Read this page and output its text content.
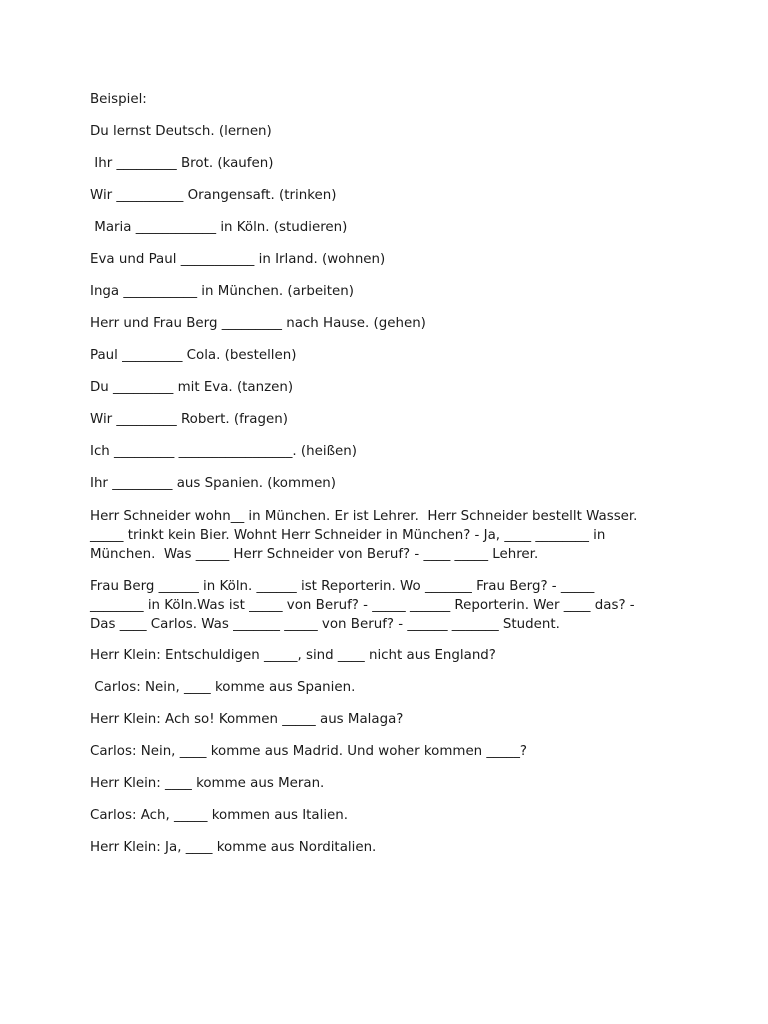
Beispiel:
Du lernst Deutsch. (lernen)
Ihr _________ Brot. (kaufen)
Wir __________ Orangensaft. (trinken)
Maria ____________ in Köln. (studieren)
Eva und Paul ___________ in Irland. (wohnen)
Inga ___________ in München. (arbeiten)
Herr und Frau Berg _________ nach Hause. (gehen)
Paul _________ Cola. (bestellen)
Du _________ mit Eva. (tanzen)
Wir _________ Robert. (fragen)
Ich _________ _________________. (heißen)
Ihr _________ aus Spanien. (kommen)
Herr Schneider wohn__ in München. Er ist Lehrer.  Herr Schneider bestellt Wasser.
_____ trinkt kein Bier. Wohnt Herr Schneider in München? - Ja, ____ ________ in
München.  Was _____ Herr Schneider von Beruf? - ____ _____ Lehrer.
Frau Berg ______ in Köln. ______ ist Reporterin. Wo _______ Frau Berg? - _____
________ in Köln.Was ist _____ von Beruf? - _____ ______ Reporterin. Wer ____ das? -
Das ____ Carlos. Was _______ _____ von Beruf? - ______ _______ Student.
Herr Klein: Entschuldigen _____, sind ____ nicht aus England?
Carlos: Nein, ____ komme aus Spanien.
Herr Klein: Ach so! Kommen _____ aus Malaga?
Carlos: Nein, ____ komme aus Madrid. Und woher kommen _____?
Herr Klein: ____ komme aus Meran.
Carlos: Ach, _____ kommen aus Italien.
Herr Klein: Ja, ____ komme aus Norditalien.
